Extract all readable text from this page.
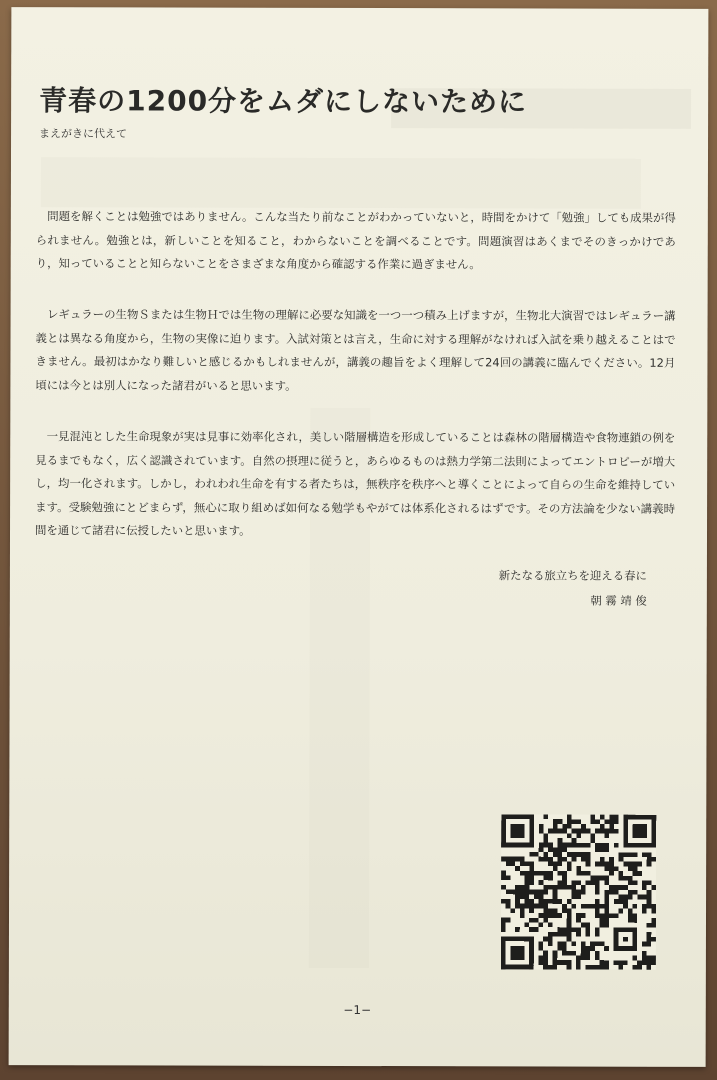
青春の1200分をムダにしないために
まえがきに代えて

問題を解くことは勉強ではありません。こんな当たり前なことがわかっていないと，時間をかけて「勉強」しても成果が得られません。勉強とは，新しいことを知ること，わからないことを調べることです。問題演習はあくまでそのきっかけであり，知っていることと知らないことをさまざまな角度から確認する作業に過ぎません。

レギュラーの生物Ｓまたは生物Ｈでは生物の理解に必要な知識を一つ一つ積み上げますが，生物北大演習ではレギュラー講義とは異なる角度から，生物の実像に迫ります。入試対策とは言え，生命に対する理解がなければ入試を乗り越えることはできません。最初はかなり難しいと感じるかもしれませんが，講義の趣旨をよく理解して24回の講義に臨んでください。12月頃には今とは別人になった諸君がいると思います。

一見混沌とした生命現象が実は見事に効率化され，美しい階層構造を形成していることは森林の階層構造や食物連鎖の例を見るまでもなく，広く認識されています。自然の摂理に従うと，あらゆるものは熱力学第二法則によってエントロピーが増大し，均一化されます。しかし，われわれ生命を有する者たちは，無秩序を秩序へと導くことによって自らの生命を維持しています。受験勉強にとどまらず，無心に取り組めば如何なる勉学もやがては体系化されるはずです。その方法論を少ない講義時間を通じて諸君に伝授したいと思います。

新たなる旅立ちを迎える春に
朝 霧 靖 俊
−1−
